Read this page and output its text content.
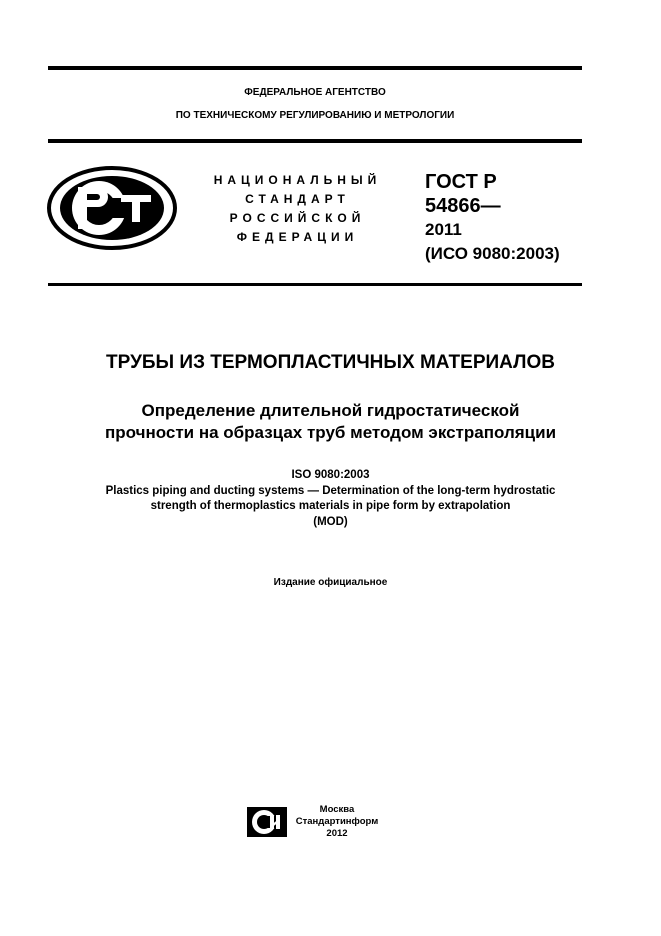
ФЕДЕРАЛЬНОЕ АГЕНТСТВО
ПО ТЕХНИЧЕСКОМУ РЕГУЛИРОВАНИЮ И МЕТРОЛОГИИ
НАЦИОНАЛЬНЫЙ
СТАНДАРТ
РОССИЙСКОЙ
ФЕДЕРАЦИИ
ГОСТ Р
54866—
2011
(ИСО 9080:2003)
ТРУБЫ ИЗ ТЕРМОПЛАСТИЧНЫХ МАТЕРИАЛОВ
Определение длительной гидростатической
прочности на образцах труб методом экстраполяции
ISO 9080:2003
Plastics piping and ducting systems — Determination of the long-term hydrostatic
strength of thermoplastics materials in pipe form by extrapolation
(MOD)
Издание официальное
Москва
Стандартинформ
2012
